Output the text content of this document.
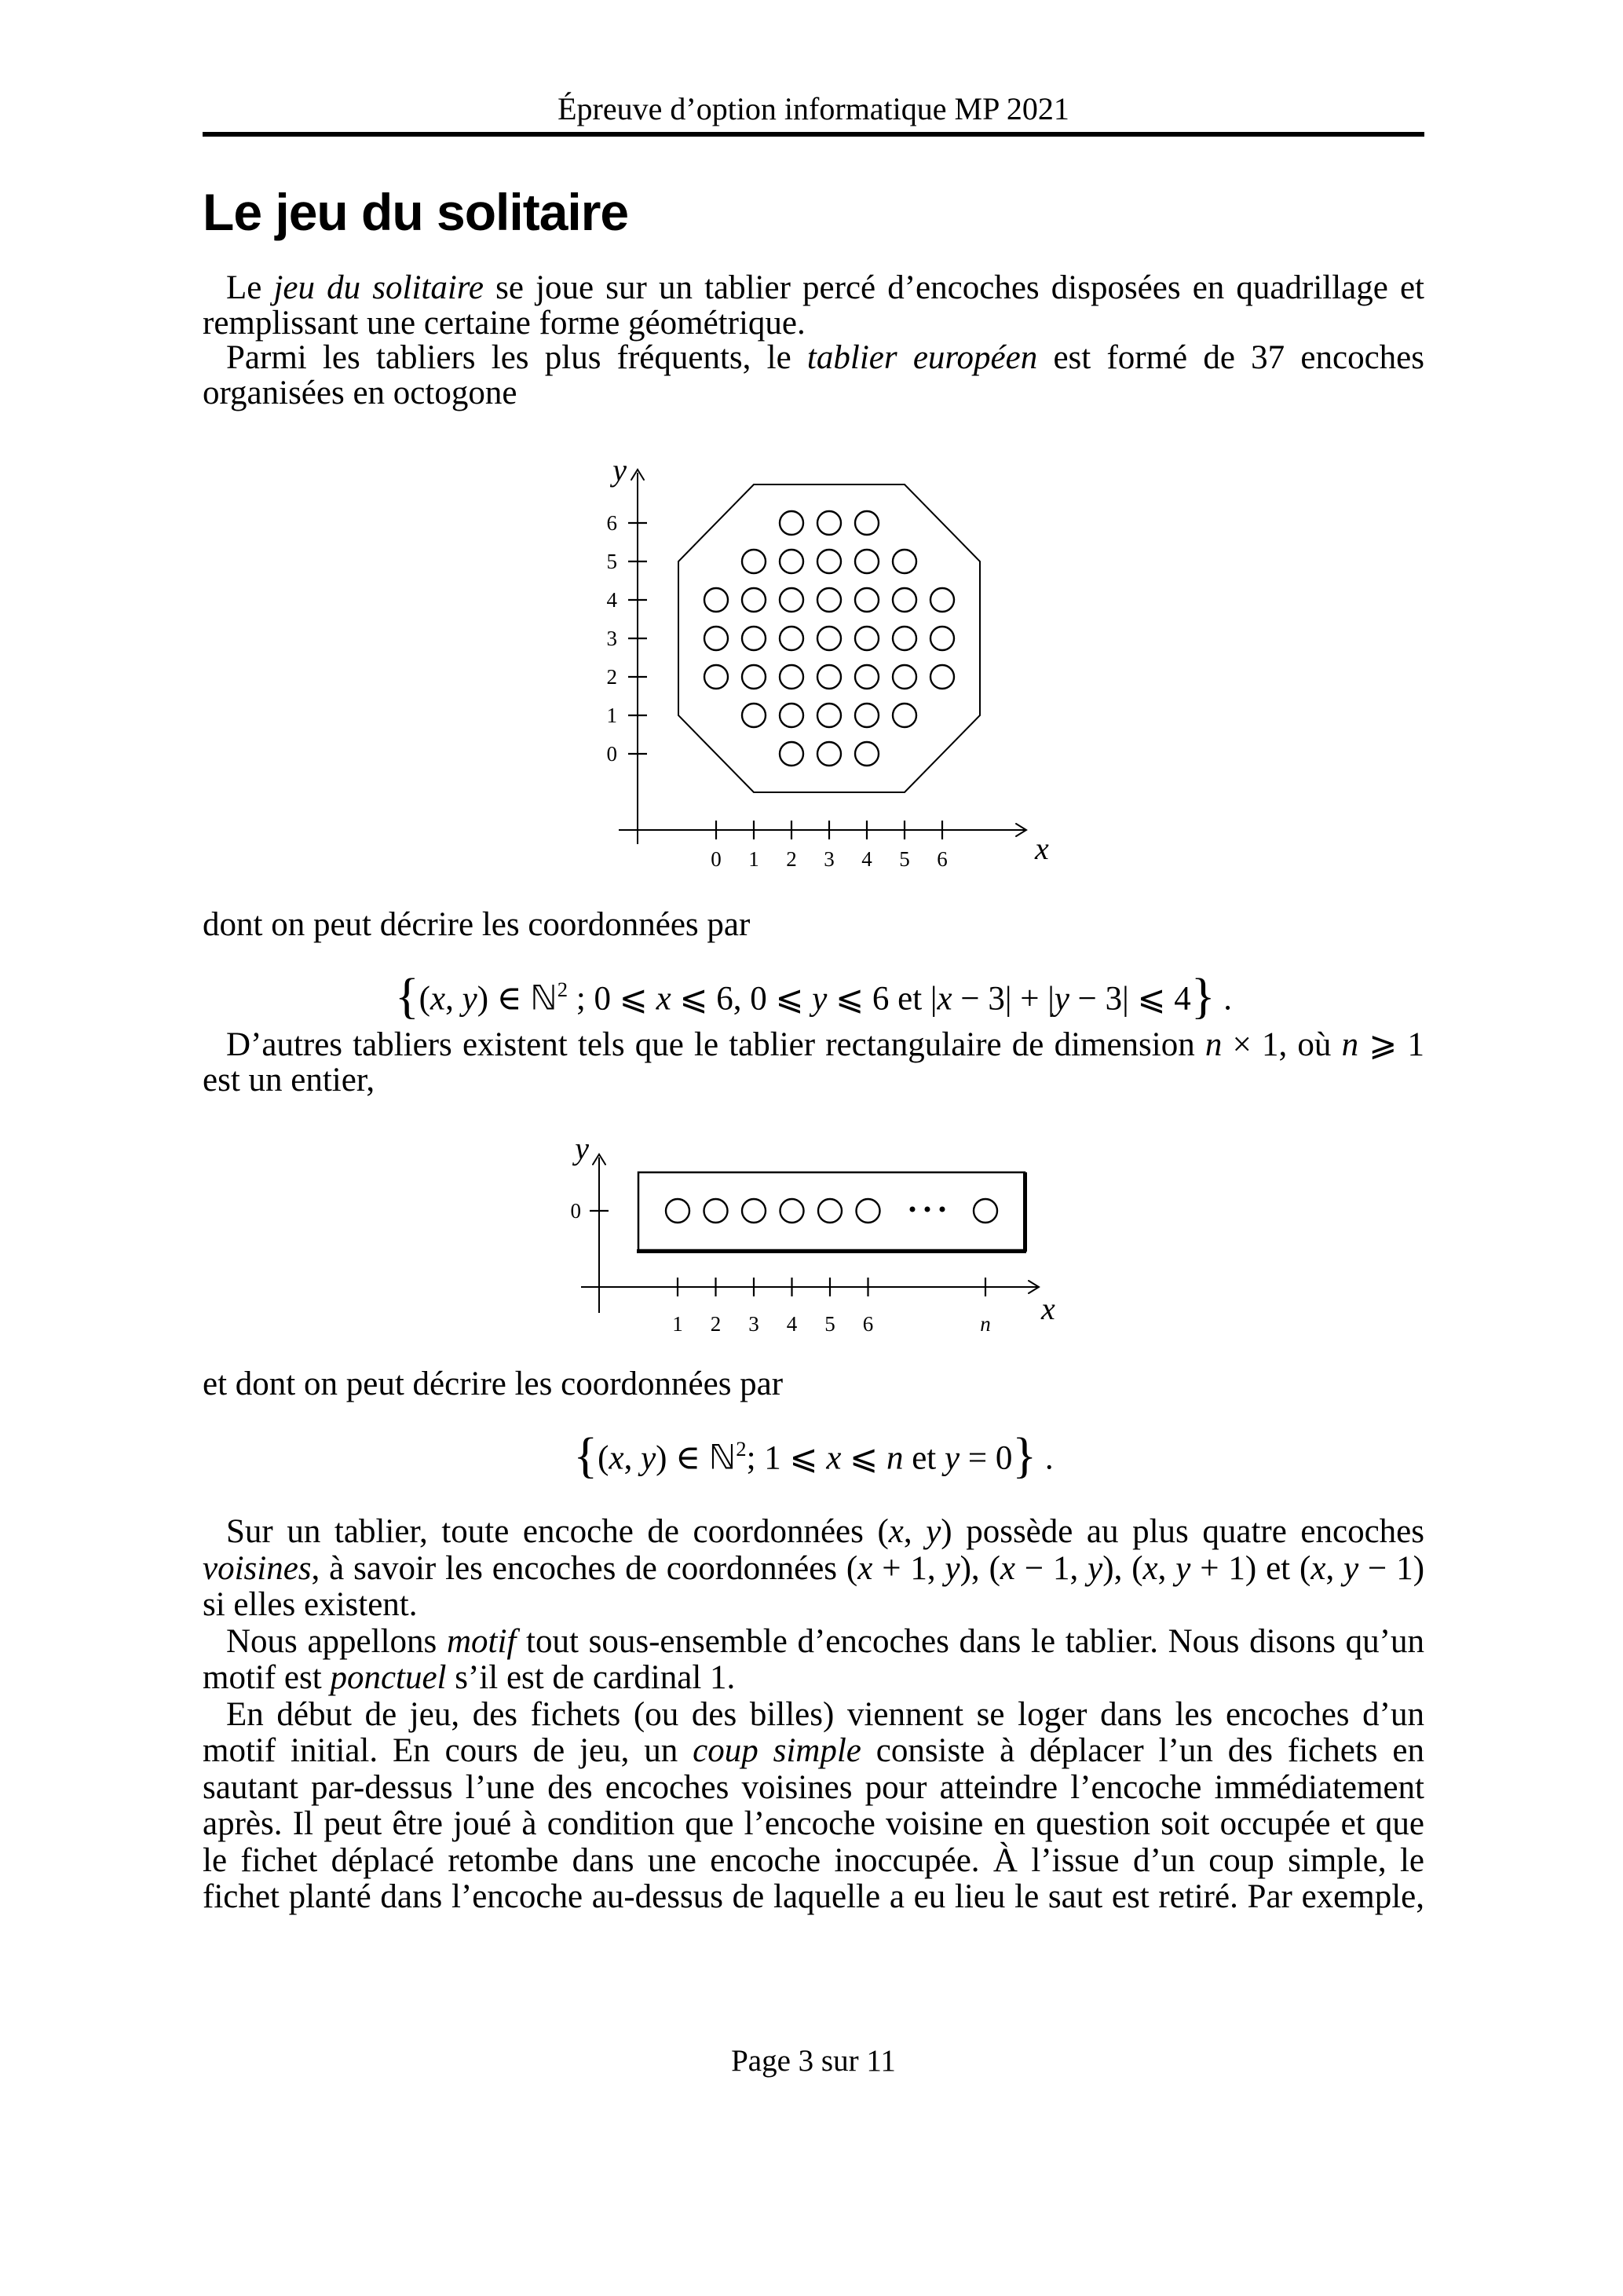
Épreuve d’option informatique MP 2021
Le jeu du solitaire

Le jeu du solitaire se joue sur un tablier percé d’encoches disposées en quadrillage et remplissant une certaine forme géométrique.

Parmi les tabliers les plus fréquents, le tablier européen est formé de 37 encoches organisées en octogone

y
x
0
1
2
3
4
5
6
0 1 2 3 4 5 6

dont on peut décrire les coordonnées par

{(x, y) ∈ ℕ$^2$ ; 0 ⩽ x ⩽ 6, 0 ⩽ y ⩽ 6 et |x − 3| + |y − 3| ⩽ 4} .

D’autres tabliers existent tels que le tablier rectangulaire de dimension n × 1, où n ⩾ 1 est un entier,

y
x
0
1 2 3 4 5 6	n

et dont on peut décrire les coordonnées par

{(x, y) ∈ ℕ$^2$; 1 ⩽ x ⩽ n et y = 0} .

Sur un tablier, toute encoche de coordonnées (x, y) possède au plus quatre encoches voisines, à savoir les encoches de coordonnées (x + 1, y), (x − 1, y), (x, y + 1) et (x, y − 1) si elles existent.

Nous appellons motif tout sous-ensemble d’encoches dans le tablier. Nous disons qu’un motif est ponctuel s’il est de cardinal 1.

En début de jeu, des fichets (ou des billes) viennent se loger dans les encoches d’un motif initial. En cours de jeu, un coup simple consiste à déplacer l’un des fichets en sautant par-dessus l’une des encoches voisines pour atteindre l’encoche immédiatement après. Il peut être joué à condition que l’encoche voisine en question soit occupée et que le fichet déplacé retombe dans une encoche inoccupée. À l’issue d’un coup simple, le fichet planté dans l’encoche au-dessus de laquelle a eu lieu le saut est retiré. Par exemple,

Page 3 sur 11
